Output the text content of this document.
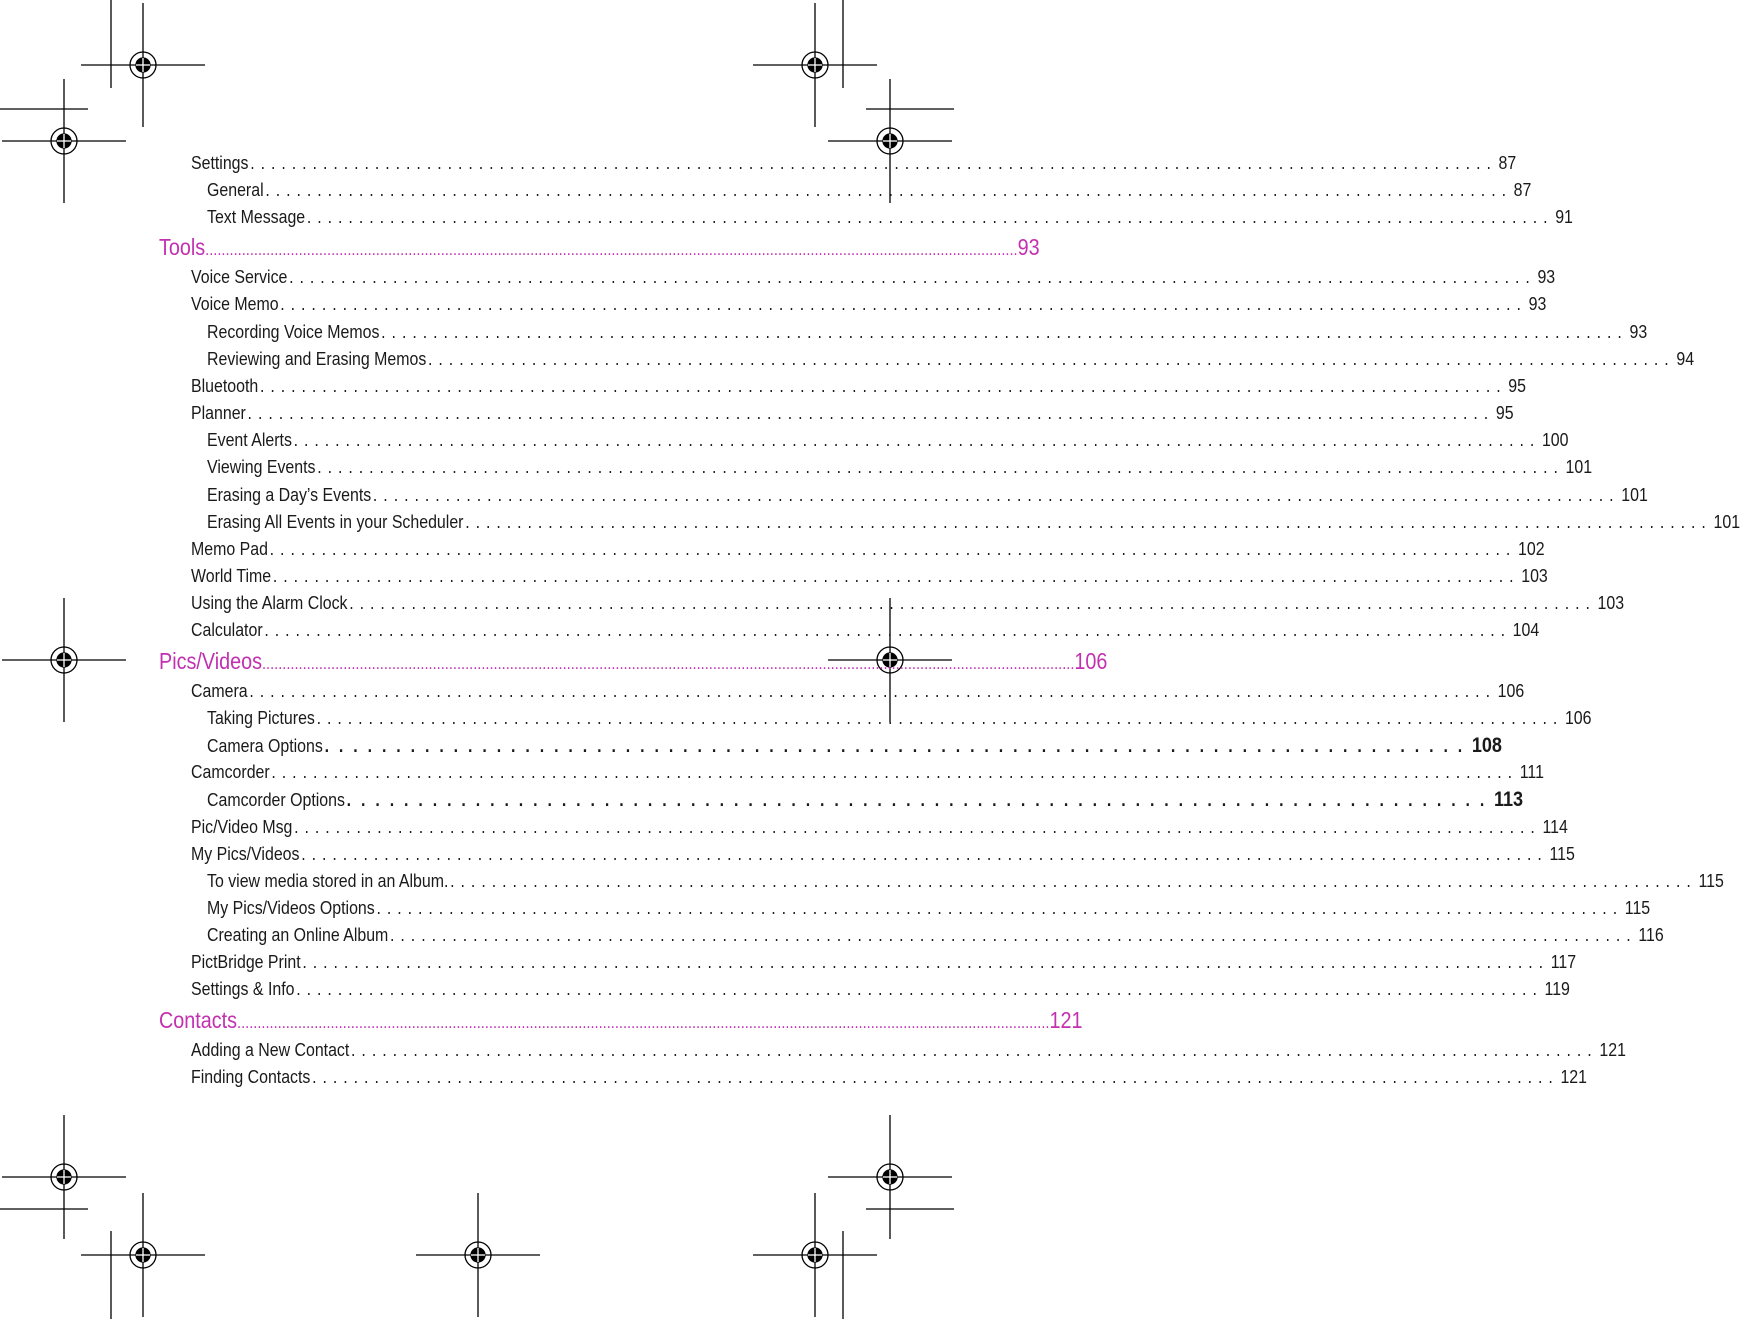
Settings . . . . . . . . . . . . . . . . . . . . . . . . . . . . . . . . . . . . . . . . . . . . . . . . . . . . . . . . . . . . . . . . . . . . . . . . . . . . . . . . . . . . . . . . . . . . . . . . . . . . . . . . . . . . . . . . . . . . . . . . 87
General . . . . . . . . . . . . . . . . . . . . . . . . . . . . . . . . . . . . . . . . . . . . . . . . . . . . . . . . . . . . . . . . . . . . . . . . . . . . . . . . . . . . . . . . . . . . . . . . . . . . . . . . . . . . . . . . . . . . . . . . 87
Text Message . . . . . . . . . . . . . . . . . . . . . . . . . . . . . . . . . . . . . . . . . . . . . . . . . . . . . . . . . . . . . . . . . . . . . . . . . . . . . . . . . . . . . . . . . . . . . . . . . . . . . . . . . . . . . . . . . . . . . . . . 91
Tools ........................................................................................................................................................................................................ 93
Voice Service . . . . . . . . . . . . . . . . . . . . . . . . . . . . . . . . . . . . . . . . . . . . . . . . . . . . . . . . . . . . . . . . . . . . . . . . . . . . . . . . . . . . . . . . . . . . . . . . . . . . . . . . . . . . . . . . . . . . . . . . 93
Voice Memo . . . . . . . . . . . . . . . . . . . . . . . . . . . . . . . . . . . . . . . . . . . . . . . . . . . . . . . . . . . . . . . . . . . . . . . . . . . . . . . . . . . . . . . . . . . . . . . . . . . . . . . . . . . . . . . . . . . . . . . . 93
Recording Voice Memos . . . . . . . . . . . . . . . . . . . . . . . . . . . . . . . . . . . . . . . . . . . . . . . . . . . . . . . . . . . . . . . . . . . . . . . . . . . . . . . . . . . . . . . . . . . . . . . . . . . . . . . . . . . . . . . . . . . . . . . . 93
Reviewing and Erasing Memos . . . . . . . . . . . . . . . . . . . . . . . . . . . . . . . . . . . . . . . . . . . . . . . . . . . . . . . . . . . . . . . . . . . . . . . . . . . . . . . . . . . . . . . . . . . . . . . . . . . . . . . . . . . . . . . . . . . . . . . . 94
Bluetooth . . . . . . . . . . . . . . . . . . . . . . . . . . . . . . . . . . . . . . . . . . . . . . . . . . . . . . . . . . . . . . . . . . . . . . . . . . . . . . . . . . . . . . . . . . . . . . . . . . . . . . . . . . . . . . . . . . . . . . . . 95
Planner . . . . . . . . . . . . . . . . . . . . . . . . . . . . . . . . . . . . . . . . . . . . . . . . . . . . . . . . . . . . . . . . . . . . . . . . . . . . . . . . . . . . . . . . . . . . . . . . . . . . . . . . . . . . . . . . . . . . . . . . 95
Event Alerts . . . . . . . . . . . . . . . . . . . . . . . . . . . . . . . . . . . . . . . . . . . . . . . . . . . . . . . . . . . . . . . . . . . . . . . . . . . . . . . . . . . . . . . . . . . . . . . . . . . . . . . . . . . . . . . . . . . . . . . . 100
Viewing Events . . . . . . . . . . . . . . . . . . . . . . . . . . . . . . . . . . . . . . . . . . . . . . . . . . . . . . . . . . . . . . . . . . . . . . . . . . . . . . . . . . . . . . . . . . . . . . . . . . . . . . . . . . . . . . . . . . . . . . . . 101
Erasing a Day’s Events . . . . . . . . . . . . . . . . . . . . . . . . . . . . . . . . . . . . . . . . . . . . . . . . . . . . . . . . . . . . . . . . . . . . . . . . . . . . . . . . . . . . . . . . . . . . . . . . . . . . . . . . . . . . . . . . . . . . . . . . 101
Erasing All Events in your Scheduler . . . . . . . . . . . . . . . . . . . . . . . . . . . . . . . . . . . . . . . . . . . . . . . . . . . . . . . . . . . . . . . . . . . . . . . . . . . . . . . . . . . . . . . . . . . . . . . . . . . . . . . . . . . . . . . . . . . . . . . . 101
Memo Pad . . . . . . . . . . . . . . . . . . . . . . . . . . . . . . . . . . . . . . . . . . . . . . . . . . . . . . . . . . . . . . . . . . . . . . . . . . . . . . . . . . . . . . . . . . . . . . . . . . . . . . . . . . . . . . . . . . . . . . . . 102
World Time . . . . . . . . . . . . . . . . . . . . . . . . . . . . . . . . . . . . . . . . . . . . . . . . . . . . . . . . . . . . . . . . . . . . . . . . . . . . . . . . . . . . . . . . . . . . . . . . . . . . . . . . . . . . . . . . . . . . . . . . 103
Using the Alarm Clock . . . . . . . . . . . . . . . . . . . . . . . . . . . . . . . . . . . . . . . . . . . . . . . . . . . . . . . . . . . . . . . . . . . . . . . . . . . . . . . . . . . . . . . . . . . . . . . . . . . . . . . . . . . . . . . . . . . . . . . . 103
Calculator . . . . . . . . . . . . . . . . . . . . . . . . . . . . . . . . . . . . . . . . . . . . . . . . . . . . . . . . . . . . . . . . . . . . . . . . . . . . . . . . . . . . . . . . . . . . . . . . . . . . . . . . . . . . . . . . . . . . . . . . 104
Pics/Videos ........................................................................................................................................................................................................ 106
Camera . . . . . . . . . . . . . . . . . . . . . . . . . . . . . . . . . . . . . . . . . . . . . . . . . . . . . . . . . . . . . . . . . . . . . . . . . . . . . . . . . . . . . . . . . . . . . . . . . . . . . . . . . . . . . . . . . . . . . . . . 106
Taking Pictures . . . . . . . . . . . . . . . . . . . . . . . . . . . . . . . . . . . . . . . . . . . . . . . . . . . . . . . . . . . . . . . . . . . . . . . . . . . . . . . . . . . . . . . . . . . . . . . . . . . . . . . . . . . . . . . . . . . . . . . . 106
Camera Options . . . . . . . . . . . . . . . . . . . . . . . . . . . . . . . . . . . . . . . . . . . . . . . . . . . . . . . . . . . . . . . . . . . . . . . . . . . . . . . . 108
Camcorder . . . . . . . . . . . . . . . . . . . . . . . . . . . . . . . . . . . . . . . . . . . . . . . . . . . . . . . . . . . . . . . . . . . . . . . . . . . . . . . . . . . . . . . . . . . . . . . . . . . . . . . . . . . . . . . . . . . . . . . . 111
Camcorder Options . . . . . . . . . . . . . . . . . . . . . . . . . . . . . . . . . . . . . . . . . . . . . . . . . . . . . . . . . . . . . . . . . . . . . . . . . . . . . . . . 113
Pic/Video Msg . . . . . . . . . . . . . . . . . . . . . . . . . . . . . . . . . . . . . . . . . . . . . . . . . . . . . . . . . . . . . . . . . . . . . . . . . . . . . . . . . . . . . . . . . . . . . . . . . . . . . . . . . . . . . . . . . . . . . . . . 114
My Pics/Videos . . . . . . . . . . . . . . . . . . . . . . . . . . . . . . . . . . . . . . . . . . . . . . . . . . . . . . . . . . . . . . . . . . . . . . . . . . . . . . . . . . . . . . . . . . . . . . . . . . . . . . . . . . . . . . . . . . . . . . . . 115
To view media stored in an Album. . . . . . . . . . . . . . . . . . . . . . . . . . . . . . . . . . . . . . . . . . . . . . . . . . . . . . . . . . . . . . . . . . . . . . . . . . . . . . . . . . . . . . . . . . . . . . . . . . . . . . . . . . . . . . . . . . . . . . . . . 115
My Pics/Videos Options . . . . . . . . . . . . . . . . . . . . . . . . . . . . . . . . . . . . . . . . . . . . . . . . . . . . . . . . . . . . . . . . . . . . . . . . . . . . . . . . . . . . . . . . . . . . . . . . . . . . . . . . . . . . . . . . . . . . . . . . 115
Creating an Online Album . . . . . . . . . . . . . . . . . . . . . . . . . . . . . . . . . . . . . . . . . . . . . . . . . . . . . . . . . . . . . . . . . . . . . . . . . . . . . . . . . . . . . . . . . . . . . . . . . . . . . . . . . . . . . . . . . . . . . . . . 116
PictBridge Print . . . . . . . . . . . . . . . . . . . . . . . . . . . . . . . . . . . . . . . . . . . . . . . . . . . . . . . . . . . . . . . . . . . . . . . . . . . . . . . . . . . . . . . . . . . . . . . . . . . . . . . . . . . . . . . . . . . . . . . . 117
Settings & Info . . . . . . . . . . . . . . . . . . . . . . . . . . . . . . . . . . . . . . . . . . . . . . . . . . . . . . . . . . . . . . . . . . . . . . . . . . . . . . . . . . . . . . . . . . . . . . . . . . . . . . . . . . . . . . . . . . . . . . . . 119
Contacts ........................................................................................................................................................................................................ 121
Adding a New Contact . . . . . . . . . . . . . . . . . . . . . . . . . . . . . . . . . . . . . . . . . . . . . . . . . . . . . . . . . . . . . . . . . . . . . . . . . . . . . . . . . . . . . . . . . . . . . . . . . . . . . . . . . . . . . . . . . . . . . . . . 121
Finding Contacts . . . . . . . . . . . . . . . . . . . . . . . . . . . . . . . . . . . . . . . . . . . . . . . . . . . . . . . . . . . . . . . . . . . . . . . . . . . . . . . . . . . . . . . . . . . . . . . . . . . . . . . . . . . . . . . . . . . . . . . . 121
